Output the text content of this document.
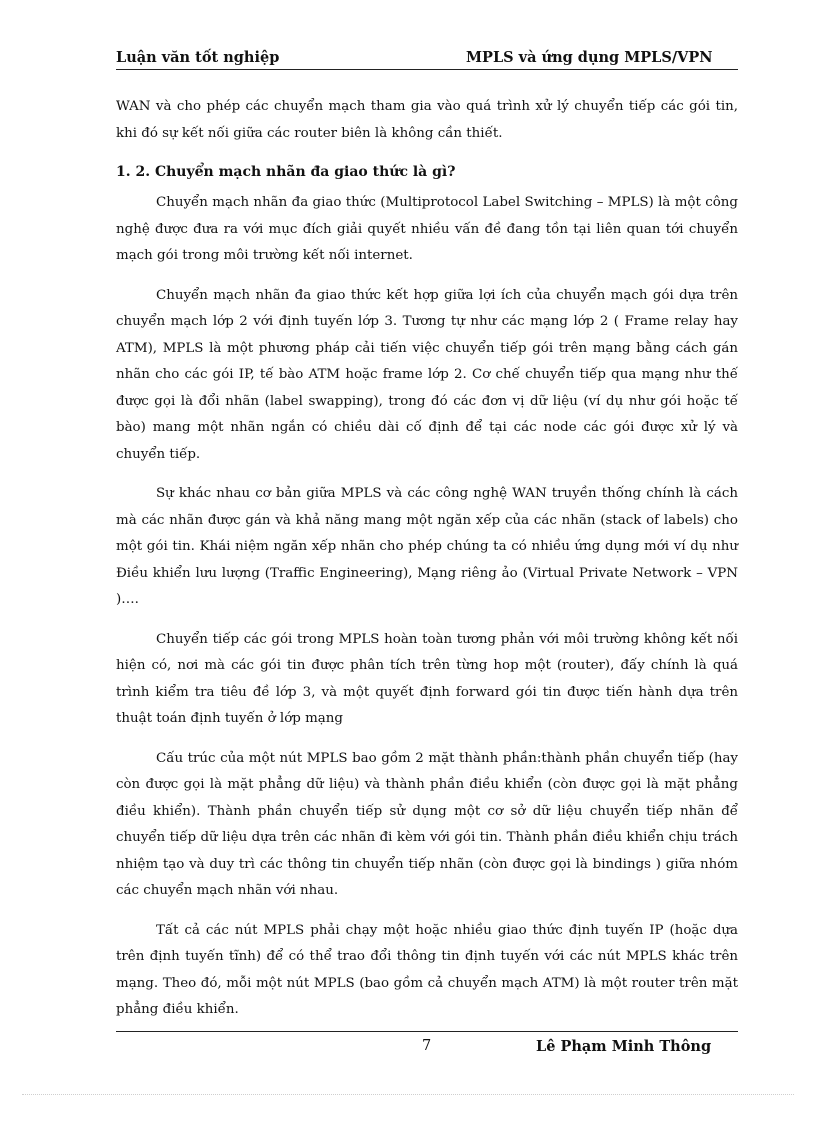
Luận văn tốt nghiệp	MPLS và ứng dụng MPLS/VPN

WAN và cho phép các chuyển mạch tham gia vào quá trình xử lý chuyển tiếp các gói tin, khi đó sự kết nối giữa các router biên là không cần thiết.

1. 2. Chuyển mạch nhãn đa giao thức là gì?

Chuyển mạch nhãn đa giao thức (Multiprotocol Label Switching – MPLS) là một công nghệ được đưa ra với mục đích giải quyết nhiều vấn đề đang tồn tại liên quan tới chuyển mạch gói trong môi trường kết nối internet.

Chuyển mạch nhãn đa giao thức kết hợp giữa lợi ích của chuyển mạch gói dựa trên chuyển mạch lớp 2 với định tuyến lớp 3. Tương tự như các mạng lớp 2 ( Frame relay hay ATM), MPLS là một phương pháp cải tiến việc chuyển tiếp gói trên mạng bằng cách gán nhãn cho các gói IP, tế bào ATM hoặc frame lớp 2. Cơ chế chuyển tiếp qua mạng như thế được gọi là đổi nhãn (label swapping), trong đó các đơn vị dữ liệu (ví dụ như gói hoặc tế bào) mang một nhãn ngắn có chiều dài cố định để tại các node các gói được xử lý và chuyển tiếp.

Sự khác nhau cơ bản giữa MPLS và các công nghệ WAN truyền thống chính là cách mà các nhãn được gán và khả năng mang một ngăn xếp của các nhãn (stack of labels) cho một gói tin. Khái niệm ngăn xếp nhãn cho phép chúng ta có nhiều ứng dụng mới ví dụ như Điều khiển lưu lượng (Traffic Engineering), Mạng riêng ảo (Virtual Private Network – VPN )….

Chuyển tiếp các gói trong MPLS hoàn toàn tương phản với môi trường không kết nối hiện có, nơi mà các gói tin được phân tích trên từng hop một (router), đấy chính là quá trình kiểm tra tiêu đề lớp 3, và một quyết định forward gói tin được tiến hành dựa trên thuật toán định tuyến ở lớp mạng

Cấu trúc của một nút MPLS bao gồm 2 mặt thành phần:thành phần chuyển tiếp (hay còn được gọi là mặt phẳng dữ liệu) và thành phần điều khiển (còn được gọi là mặt phẳng điều khiển). Thành phần chuyển tiếp sử dụng một cơ sở dữ liệu chuyển tiếp nhãn để chuyển tiếp dữ liệu dựa trên các nhãn đi kèm với gói tin. Thành phần điều khiển chịu trách nhiệm tạo và duy trì các thông tin chuyển tiếp nhãn (còn được gọi là bindings ) giữa nhóm các chuyển mạch nhãn với nhau.

Tất cả các nút MPLS phải chạy một hoặc nhiều giao thức định tuyến IP (hoặc dựa trên định tuyến tĩnh) để có thể trao đổi thông tin định tuyến với các nút MPLS khác trên mạng. Theo đó, mỗi một nút MPLS (bao gồm cả chuyển mạch ATM) là một router trên mặt phẳng điều khiển.

7	Lê Phạm Minh Thông
